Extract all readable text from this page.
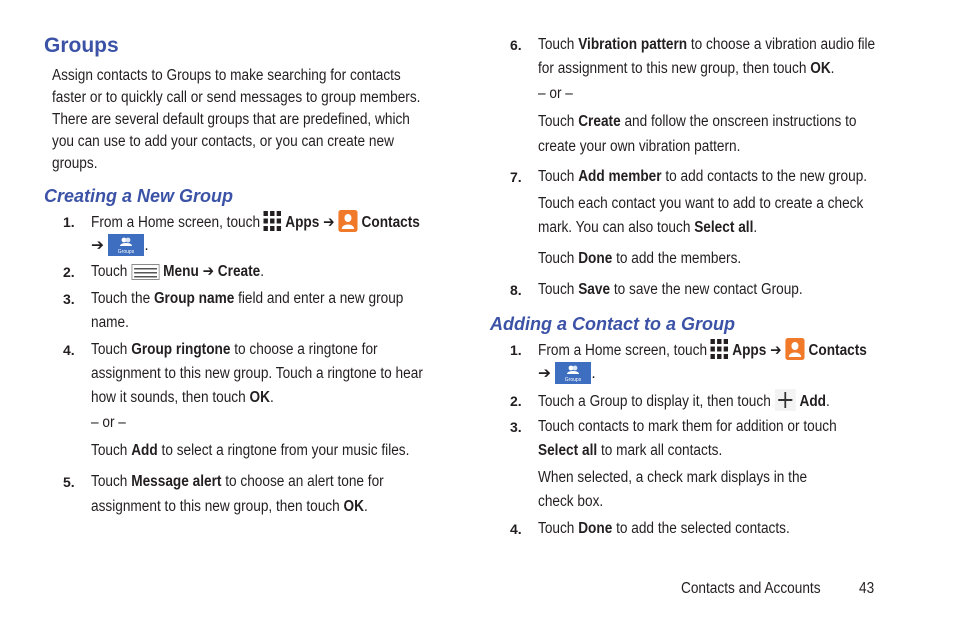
Groups
Assign contacts to Groups to make searching for contacts
faster or to quickly call or send messages to group members.
There are several default groups that are predefined, which
you can use to add your contacts, or you can create new
groups.
Creating a New Group
1. From a Home screen, touch Apps ➔ Contacts
➔	Groups .
2. Touch Menu ➔ Create.
3. Touch the Group name field and enter a new group
name.
4. Touch Group ringtone to choose a ringtone for
assignment to this new group. Touch a ringtone to hear
how it sounds, then touch OK.
– or –
Touch Add to select a ringtone from your music files.
5. Touch Message alert to choose an alert tone for
assignment to this new group, then touch OK.
6. Touch Vibration pattern to choose a vibration audio file
for assignment to this new group, then touch OK.
– or –
Touch Create and follow the onscreen instructions to
create your own vibration pattern.
7. Touch Add member to add contacts to the new group.
Touch each contact you want to add to create a check
mark. You can also touch Select all.
Touch Done to add the members.
8. Touch Save to save the new contact Group.
Adding a Contact to a Group
1. From a Home screen, touch Apps ➔ Contacts
➔	Groups .
2. Touch a Group to display it, then touch Add.
3. Touch contacts to mark them for addition or touch
Select all to mark all contacts.
When selected, a check mark displays in the
check box.
4. Touch Done to add the selected contacts.
Contacts and Accounts 43
